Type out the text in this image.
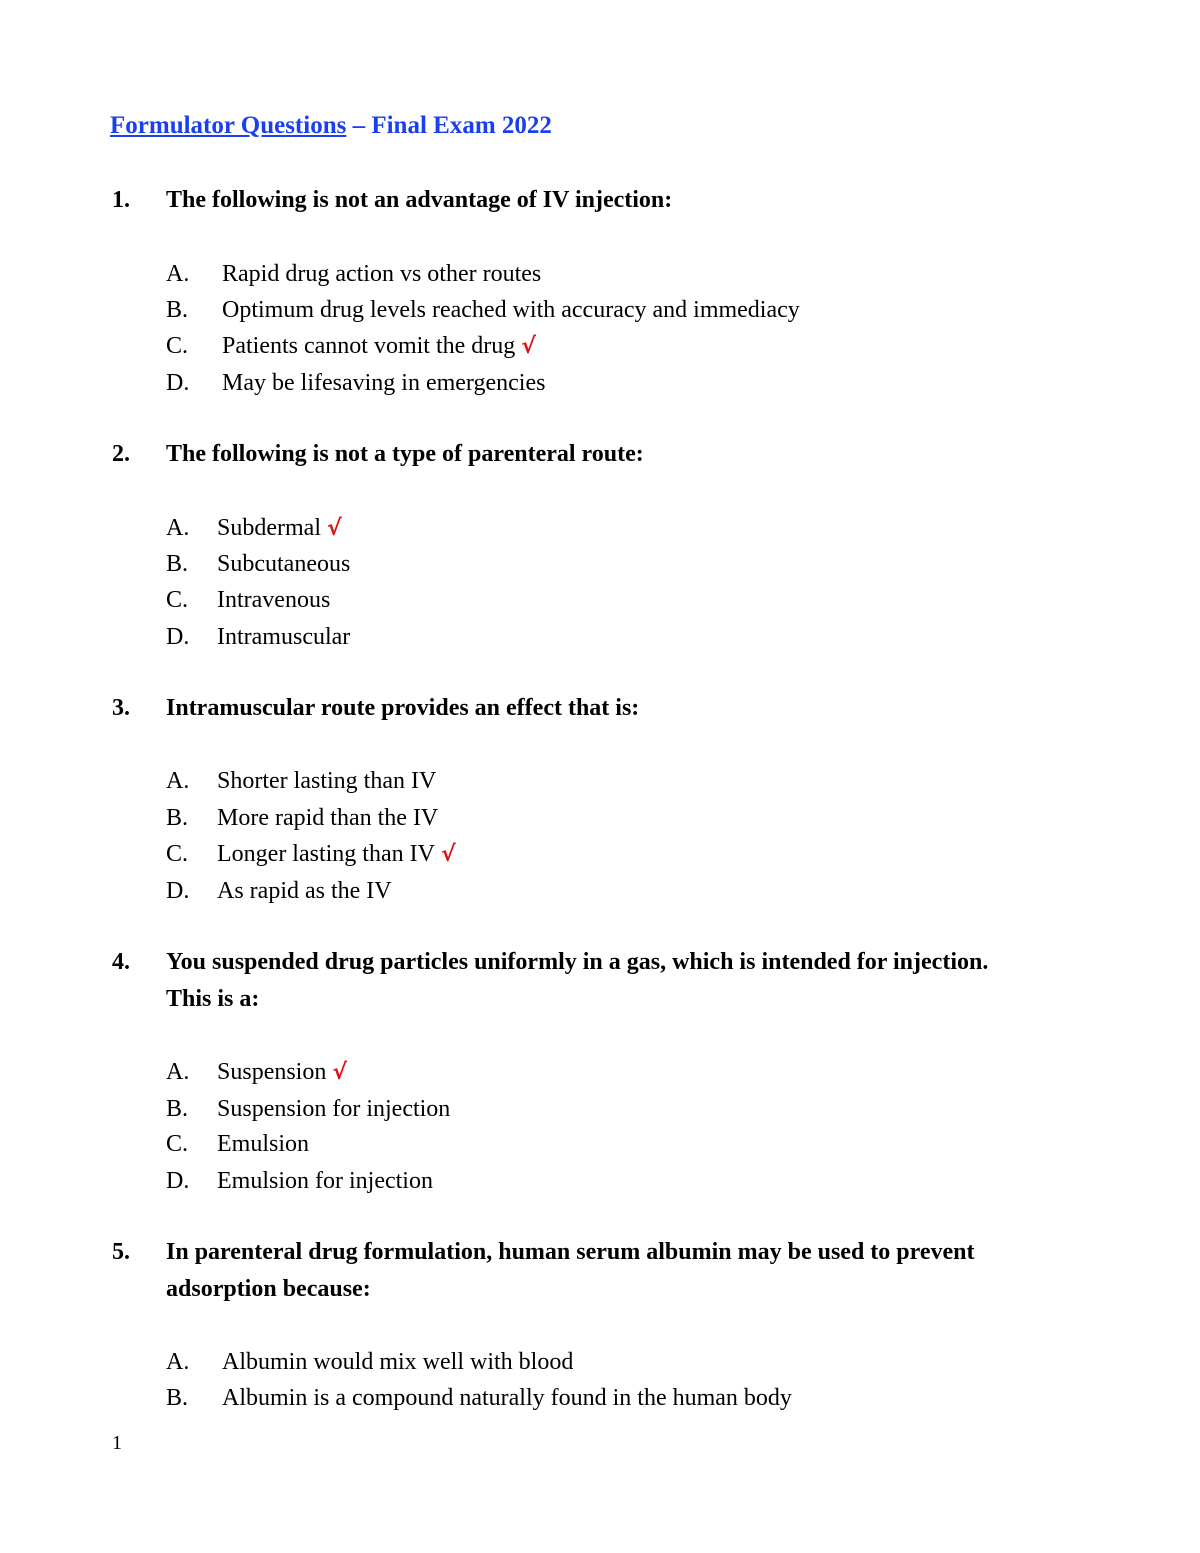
Formulator Questions – Final Exam 2022
1. The following is not an advantage of IV injection:
A. Rapid drug action vs other routes
B. Optimum drug levels reached with accuracy and immediacy
C. Patients cannot vomit the drug √
D. May be lifesaving in emergencies
2. The following is not a type of parenteral route:
A. Subdermal √
B. Subcutaneous
C. Intravenous
D. Intramuscular
3. Intramuscular route provides an effect that is:
A. Shorter lasting than IV
B. More rapid than the IV
C. Longer lasting than IV √
D. As rapid as the IV
4. You suspended drug particles uniformly in a gas, which is intended for injection. This is a:
A. Suspension √
B. Suspension for injection
C. Emulsion
D. Emulsion for injection
5. In parenteral drug formulation, human serum albumin may be used to prevent adsorption because:
A. Albumin would mix well with blood
B. Albumin is a compound naturally found in the human body
1
